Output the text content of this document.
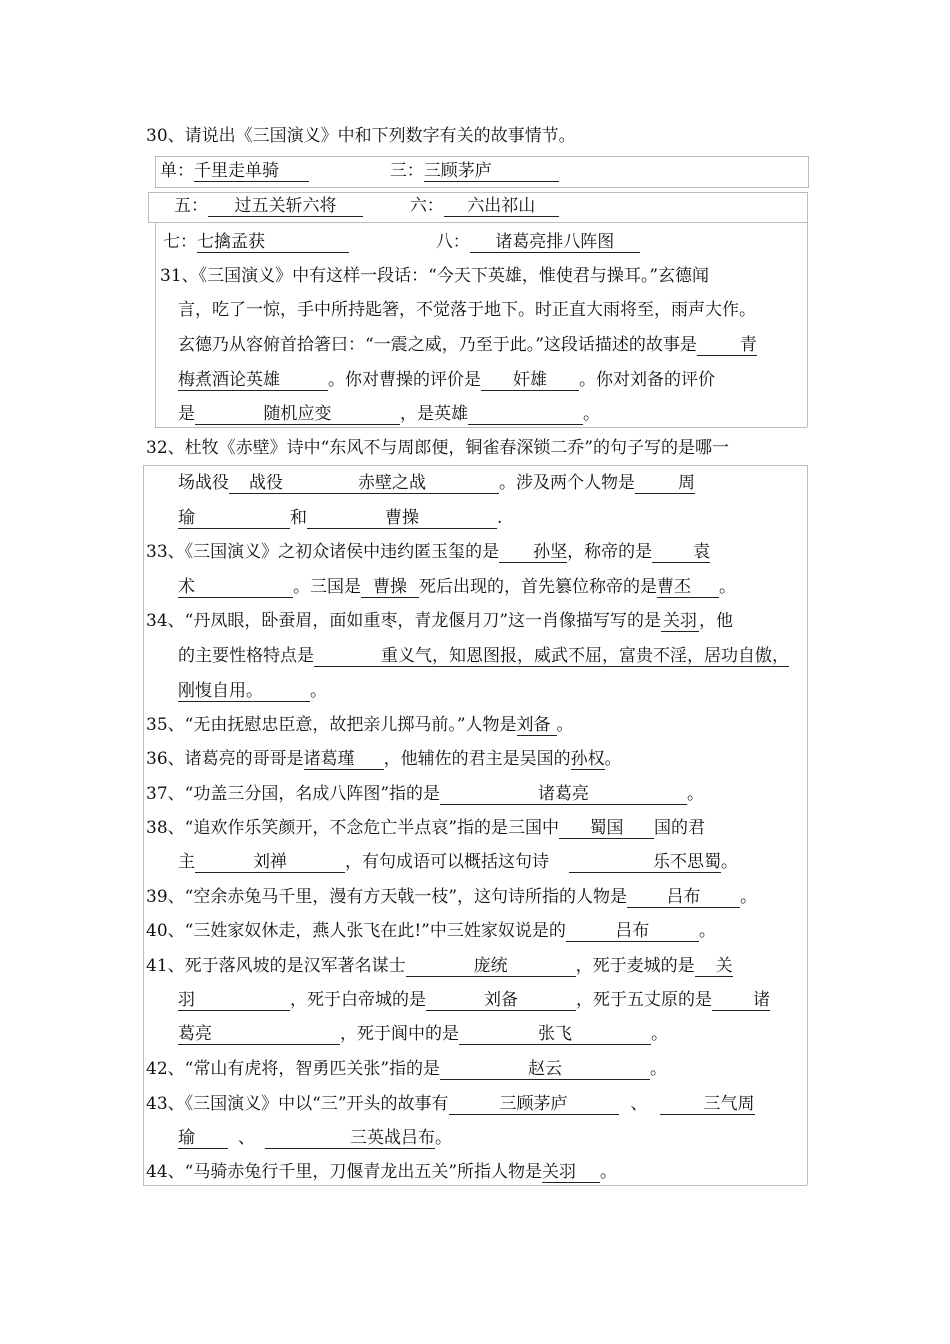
30、请说出《三国演义》中和下列数字有关的故事情节。
单：千里走单骑	三：三顾茅庐
五： 过五关斩六将	六： 六出祁山
七：七擒孟获	八： 诸葛亮排八阵图
31、《三国演义》中有这样一段话：“今天下英雄，惟使君与操耳。”玄德闻
言，吃了一惊，手中所持匙箸，不觉落于地下。时正直大雨将至，雨声大作。
玄德乃从容俯首拾箸曰：“一震之威，乃至于此。”这段话描述的故事是	青
梅煮酒论英雄	。你对曹操的评价是 奸雄 。你对刘备的评价
是	随机应变	，是英雄	。
32、杜牧《赤壁》诗中“东风不与周郎便，铜雀春深锁二乔”的句子写的是哪一
场战役 战役	赤壁之战	。涉及两个人物是	周
瑜	和	曹操	.
33、《三国演义》之初众诸侯中违约匿玉玺的是 孙坚，称帝的是 袁
术	。三国是 曹操 死后出现的，首先篡位称帝的是曹丕 。
34、“丹凤眼，卧蚕眉，面如重枣，青龙偃月刀”这一肖像描写写的是 关羽 ，他
的主要性格特点是	重义气，知恩图报，威武不屈，富贵不淫，居功自傲，
刚愎自用。	。
35、“无由抚慰忠臣意，故把亲儿掷马前。”人物是刘备 。
36、诸葛亮的哥哥是诸葛瑾 ，他辅佐的君主是吴国的孙权。
37、“功盖三分国，名成八阵图”指的是	诸葛亮	。
38、“追欢作乐笑颜开，不念危亡半点哀”指的是三国中 蜀国 国的君
主	刘禅	，有句成语可以概括这句诗	乐不思蜀。
39、“空余赤兔马千里，漫有方天戟一枝”，这句诗所指的人物是 吕布 。
40、“三姓家奴休走，燕人张飞在此!”中三姓家奴说是的	吕布	。
41、死于落风坡的是汉军著名谋士	庞统	，死于麦城的是 关
羽	，死于白帝城的是	刘备	，死于五丈原的是 诸
葛亮	，死于阆中的是	张飞	。
42、“常山有虎将，智勇匹关张”指的是	赵云	。
43、《三国演义》中以“三”开头的故事有	三顾茅庐	、	三气周
瑜	、	三英战吕布。
44、“马骑赤兔行千里，刀偃青龙出五关”所指人物是关羽 。
